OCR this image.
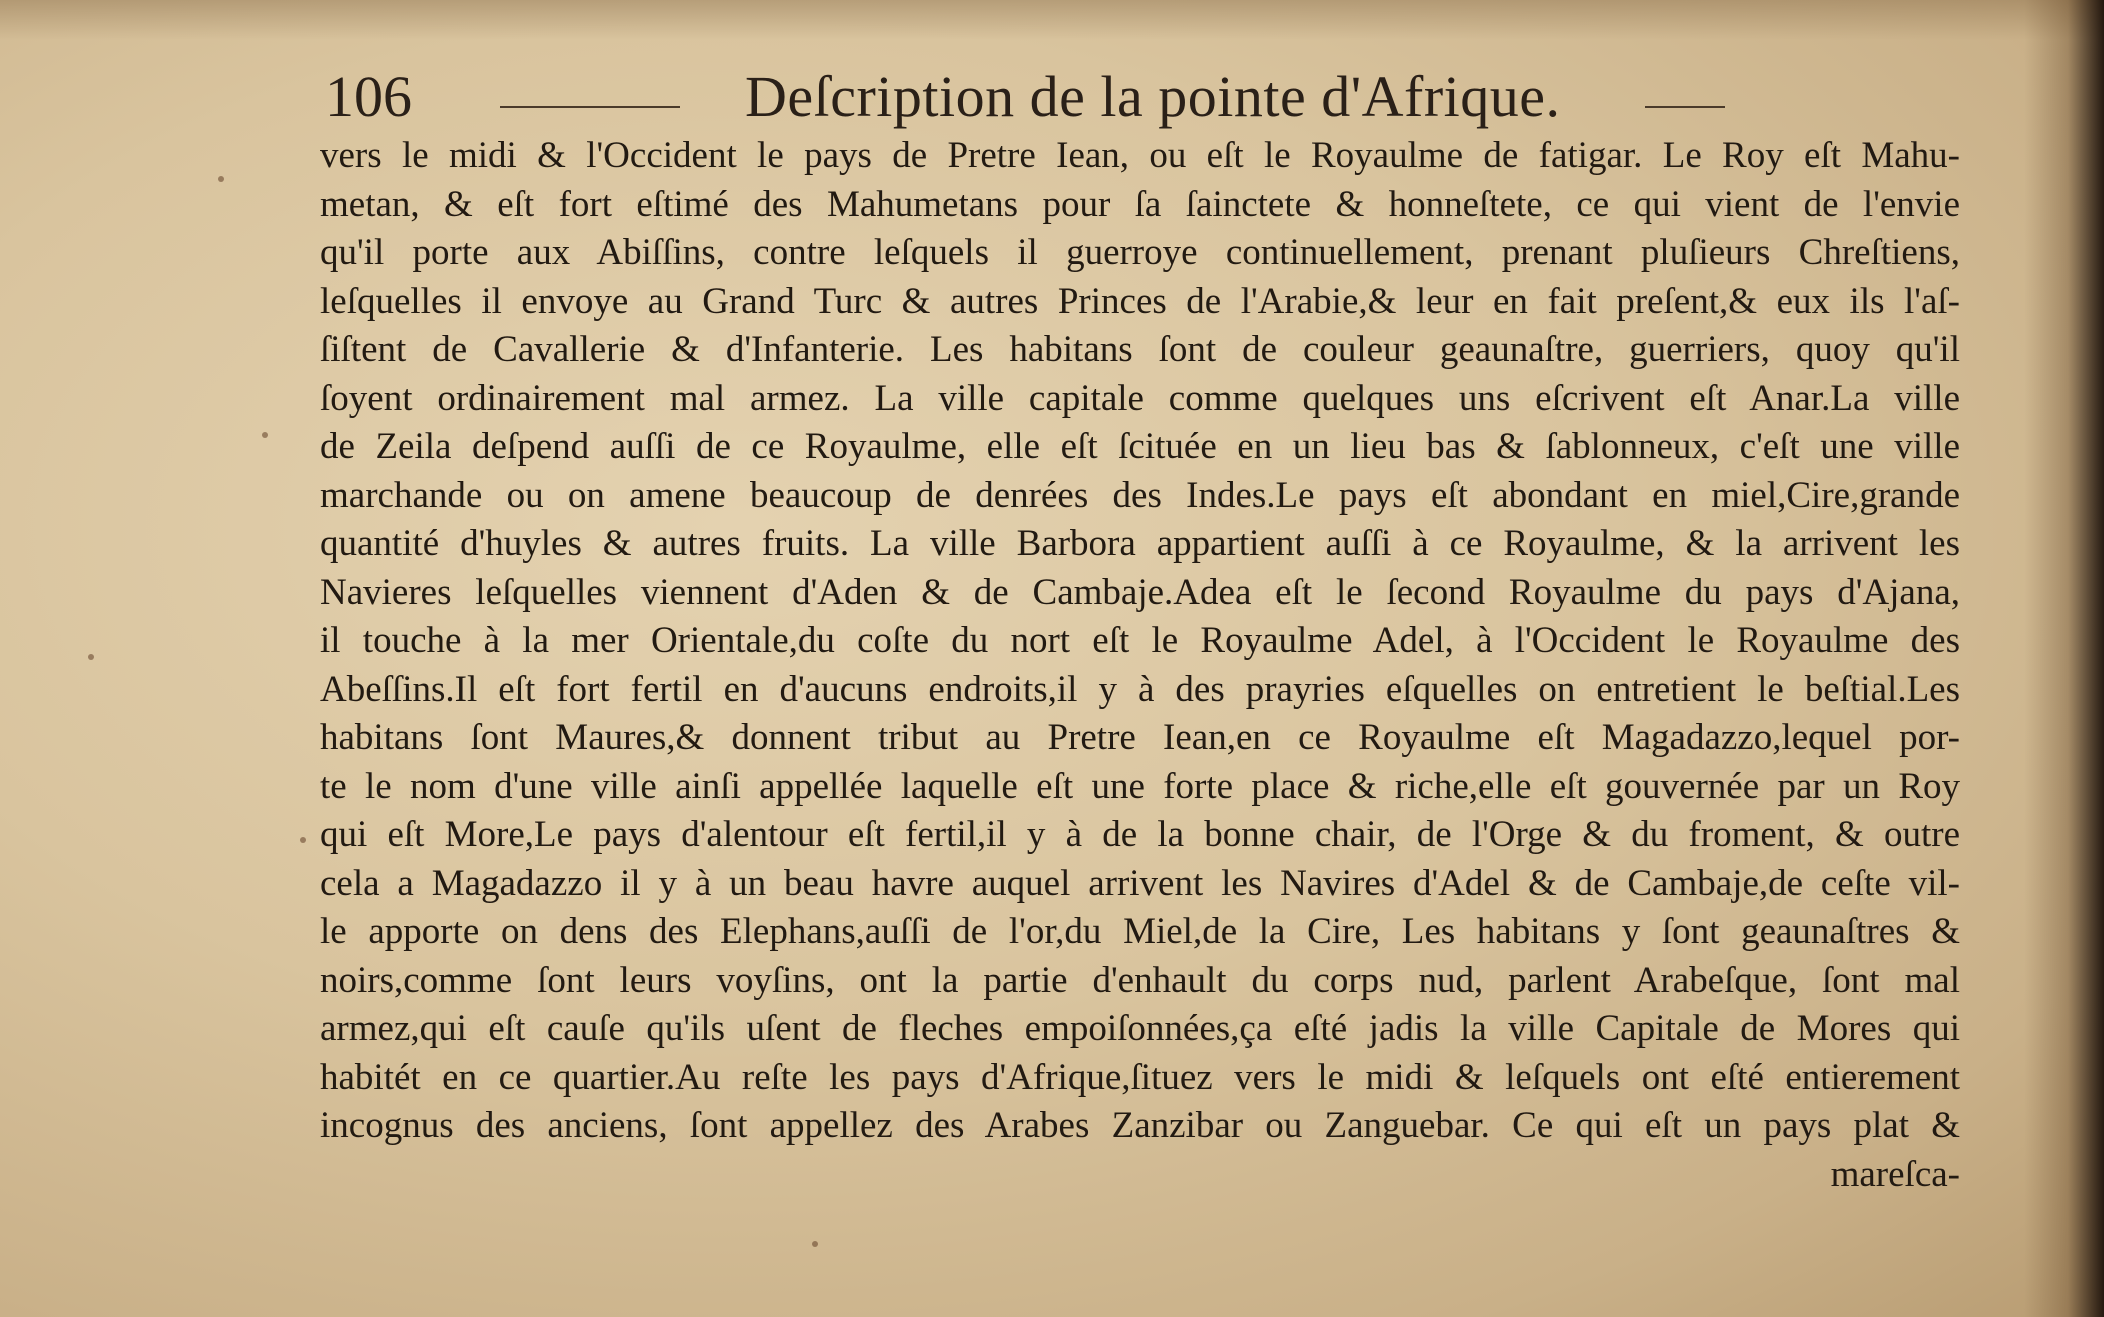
106	Deſcription de la pointe d'Afrique.
vers le midi & l'Occident le pays de Pretre Iean, ou eſt le Royaulme de fatigar. Le Roy eſt Mahu-
metan, & eſt fort eſtimé des Mahumetans pour ſa ſainctete & honneſtete, ce qui vient de l'envie
qu'il porte aux Abiſſins, contre leſquels il guerroye continuellement, prenant pluſieurs Chreſtiens,
leſquelles il envoye au Grand Turc & autres Princes de l'Arabie,& leur en fait preſent,& eux ils l'aſ-
ſiſtent de Cavallerie & d'Infanterie. Les habitans ſont de couleur geaunaſtre, guerriers, quoy qu'il
ſoyent ordinairement mal armez. La ville capitale comme quelques uns eſcrivent eſt Anar.La ville
de Zeila deſpend auſſi de ce Royaulme, elle eſt ſcituée en un lieu bas & ſablonneux, c'eſt une ville
marchande ou on amene beaucoup de denrées des Indes.Le pays eſt abondant en miel,Cire,grande
quantité d'huyles & autres fruits. La ville Barbora appartient auſſi à ce Royaulme, & la arrivent les
Navieres leſquelles viennent d'Aden & de Cambaje.Adea eſt le ſecond Royaulme du pays d'Ajana,
il touche à la mer Orientale,du coſte du nort eſt le Royaulme Adel, à l'Occident le Royaulme des
Abeſſins.Il eſt fort fertil en d'aucuns endroits,il y à des prayries eſquelles on entretient le beſtial.Les
habitans ſont Maures,& donnent tribut au Pretre Iean,en ce Royaulme eſt Magadazzo,lequel por-
te le nom d'une ville ainſi appellée laquelle eſt une forte place & riche,elle eſt gouvernée par un Roy
qui eſt More,Le pays d'alentour eſt fertil,il y à de la bonne chair, de l'Orge & du froment, & outre
cela a Magadazzo il y à un beau havre auquel arrivent les Navires d'Adel & de Cambaje,de ceſte vil-
le apporte on dens des Elephans,auſſi de l'or,du Miel,de la Cire, Les habitans y ſont geaunaſtres &
noirs,comme ſont leurs voyſins, ont la partie d'enhault du corps nud, parlent Arabeſque, ſont mal
armez,qui eſt cauſe qu'ils uſent de fleches empoiſonnées,ça eſté jadis la ville Capitale de Mores qui
habitét en ce quartier.Au reſte les pays d'Afrique,ſituez vers le midi & leſquels ont eſté entierement
incognus des anciens, ſont appellez des Arabes Zanzibar ou Zanguebar. Ce qui eſt un pays plat &
mareſca-
